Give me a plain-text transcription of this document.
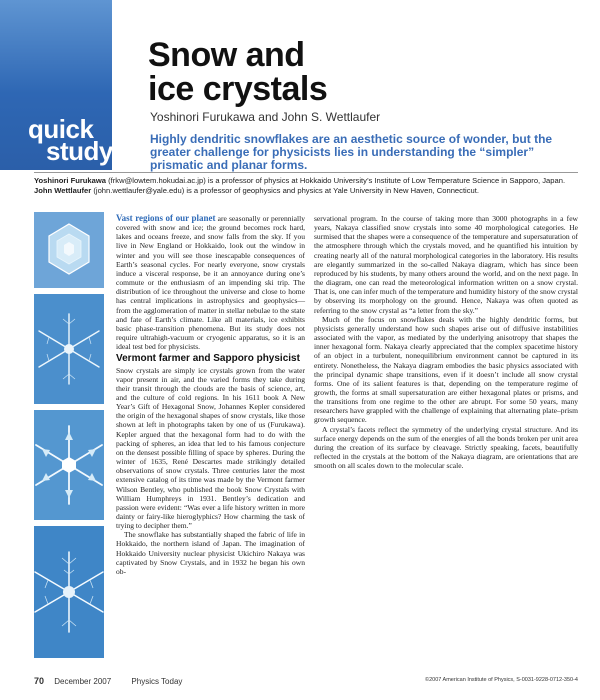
quick
study
Snow and
ice crystals
Yoshinori Furukawa and John S. Wettlaufer
Highly dendritic snowflakes are an aesthetic source of wonder, but the greater challenge for physicists lies in understanding the “simpler” prismatic and planar forms.
Yoshinori Furukawa (frkw@lowtem.hokudai.ac.jp) is a professor of physics at Hokkaido University’s Institute of Low Temperature Science in Sapporo, Japan. John Wettlaufer (john.wettlaufer@yale.edu) is a professor of geophysics and physics at Yale University in New Haven, Connecticut.

Vast regions of our planet are seasonally or perennially covered with snow and ice; the ground becomes rock hard, lakes and oceans freeze, and snow falls from the sky. If you live in New England or Hokkaido, look out the window in winter and you will see those inescapable consequences of Earth’s seasonal cycles. For nearly everyone, snow crystals induce a visceral response, be it an annoyance during one’s commute or the enthusiasm of an impending ski trip. The distribution of ice throughout the universe and close to home has central implications in astrophysics and geophysics—from the agglomeration of matter in stellar nebulae to the state and fate of Earth’s climate. Like all materials, ice exhibits basic phase-transition phenomena. But its study does not require ultrahigh-vacuum or cryogenic apparatus, so it is an ideal test bed for physicists.

Vermont farmer and Sapporo physicist

Snow crystals are simply ice crystals grown from the water vapor present in air, and the varied forms they take during their transit through the clouds are the basis of science, art, and the culture of cold regions. In his 1611 book A New Year’s Gift of Hexagonal Snow, Johannes Kepler considered the origin of the hexagonal shapes of snow crystals, like those shown at left in photographs taken by one of us (Furukawa). Kepler argued that the hexagonal form had to do with the packing of spheres, an idea that led to his famous conjecture on the densest possible filling of space by spheres. During the winter of 1635, René Descartes made strikingly detailed observations of snow crystals. Three centuries later the most extensive catalog of its time was made by the Vermont farmer Wilson Bentley, who published the book Snow Crystals with William Humphreys in 1931. Bentley’s dedication and passion were evident: “Was ever a life history written in more dainty or fairy-like hieroglyphics? How charming the task of trying to decipher them.”

The snowflake has substantially shaped the fabric of life in Hokkaido, the northern island of Japan. The imagination of Hokkaido University nuclear physicist Ukichiro Nakaya was captivated by Snow Crystals, and in 1932 he began his own ob-

servational program. In the course of taking more than 3000 photographs in a few years, Nakaya classified snow crystals into some 40 morphological categories. He surmised that the shapes were a consequence of the temperature and supersaturation of the atmosphere through which the crystals moved, and he quantified his intuition by creating nearly all of the natural morphological categories in the laboratory. His results are elegantly summarized in the so-called Nakaya diagram, which has since been reproduced by his students, by many others around the world, and on the next page. In the diagram, one can read the meteorological information written on a snow crystal. That is, one can infer much of the temperature and humidity history of the snow crystal by observing its morphology on the ground. Hence, Nakaya was often quoted as referring to the snow crystal as “a letter from the sky.”

Much of the focus on snowflakes deals with the highly dendritic forms, but physicists generally understand how such shapes arise out of diffusive instabilities associated with the vapor, as mediated by the underlying anisotropy that shapes the inner hexagonal form. Nakaya clearly appreciated that the complex spacetime history of an object in a turbulent, nonequilibrium environment cannot be captured in its entirety. Nonetheless, the Nakaya diagram embodies the basic physics associated with the principal dynamic shape transitions, even if it doesn’t include all snow crystal forms. One of its salient features is that, depending on the temperature regime of growth, the forms at small supersaturation are either hexagonal plates or prisms, and the transitions from one regime to the other are abrupt. For some 50 years, many researchers have grappled with the challenge of explaining that alternating plate–prism growth sequence.

A crystal’s facets reflect the symmetry of the underlying crystal structure. And its surface energy depends on the sum of the energies of all the bonds broken per unit area during the creation of its surface by cleavage. Strictly speaking, facets, beautifully reflected in the crystals at the bottom of the Nakaya diagram, are orientations that are smooth on all scales down to the molecular scale.

70 December 2007	Physics Today	©2007 American Institute of Physics, S-0031-9228-0712-350-4
